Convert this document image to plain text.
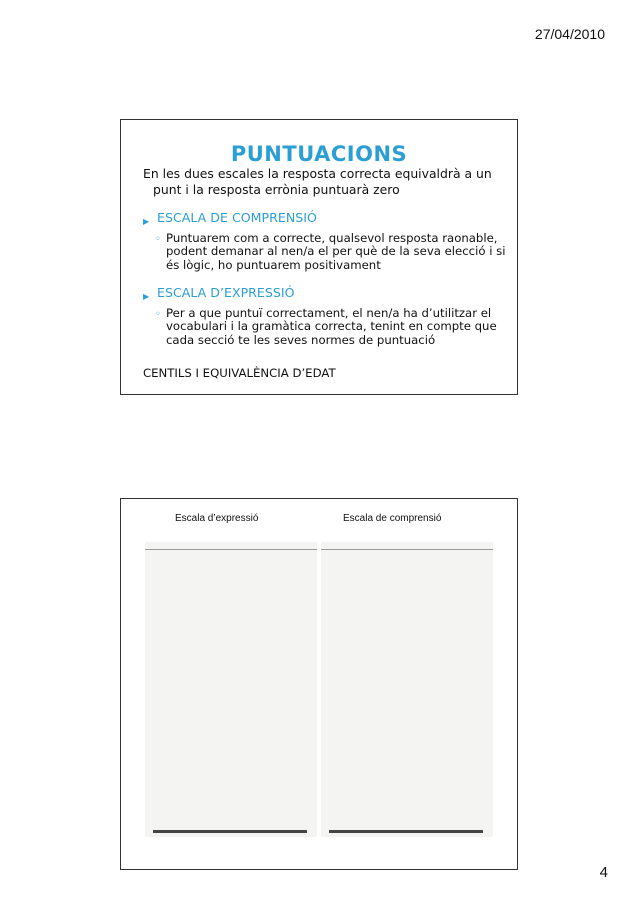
27/04/2010
PUNTUACIONS

En les dues escales la resposta correcta equivaldrà a un punt i la resposta errònia puntuarà zero

▶ ESCALA DE COMPRENSIÓ
◦ Puntuarem com a correcte, qualsevol resposta raonable, podent demanar al nen/a el per què de la seva elecció i si és lògic, ho puntuarem positivament
▶ ESCALA D’EXPRESSIÓ
◦ Per a que puntuï correctament, el nen/a ha d’utilitzar el vocabulari i la gramàtica correcta, tenint en compte que cada secció te les seves normes de puntuació
CENTILS I EQUIVALÈNCIA D’EDAT
Escala d’expressió	Escala de comprensió
4
